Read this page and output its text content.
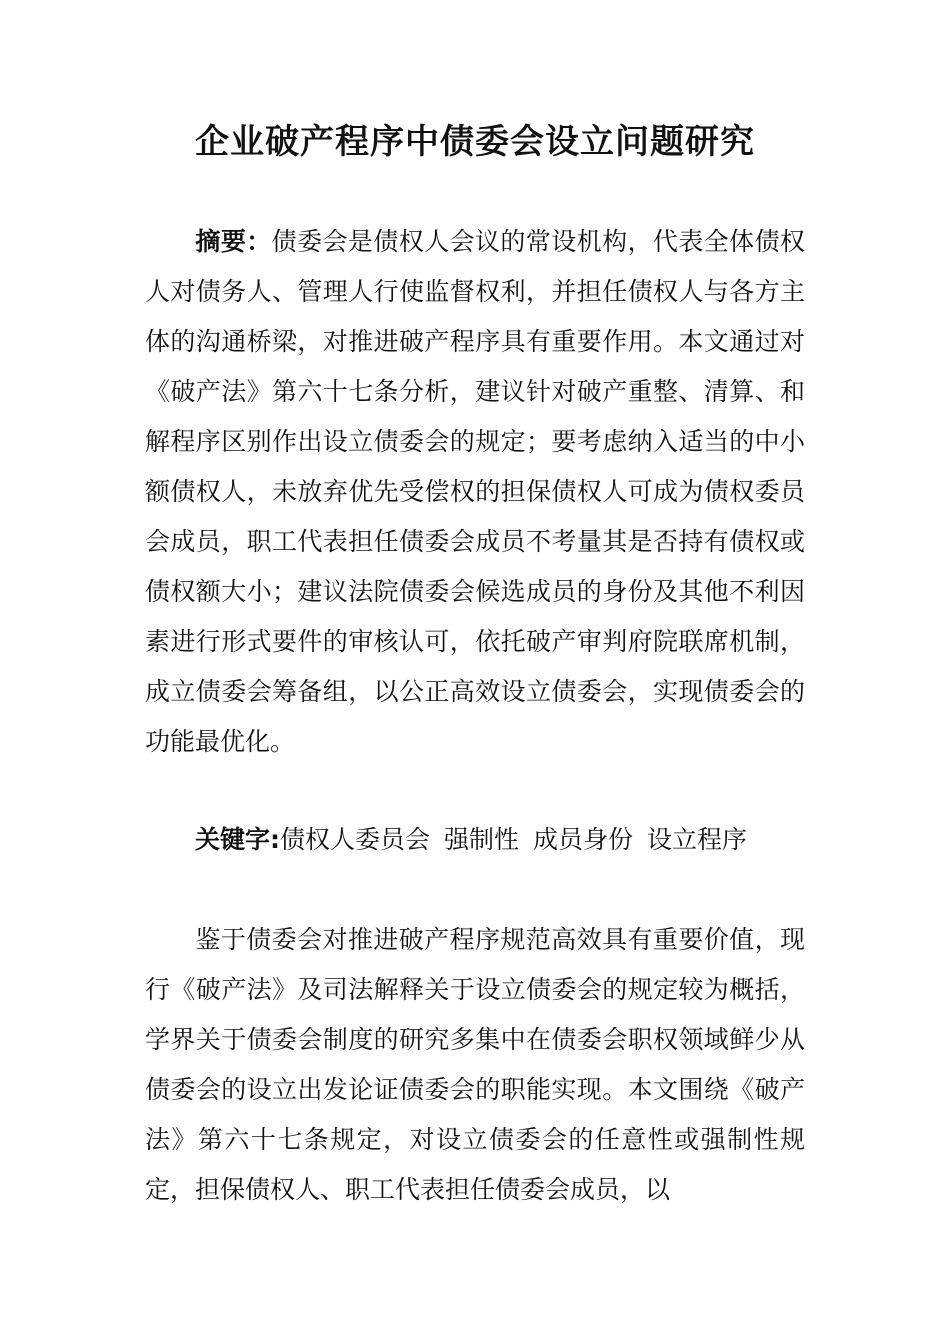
企业破产程序中债委会设立问题研究
摘要：债委会是债权人会议的常设机构，代表全体债权人对债务人、管理人行使监督权利，并担任债权人与各方主体的沟通桥梁，对推进破产程序具有重要作用。本文通过对《破产法》第六十七条分析，建议针对破产重整、清算、和解程序区别作出设立债委会的规定；要考虑纳入适当的中小额债权人，未放弃优先受偿权的担保债权人可成为债权委员会成员，职工代表担任债委会成员不考量其是否持有债权或债权额大小；建议法院债委会候选成员的身份及其他不利因素进行形式要件的审核认可，依托破产审判府院联席机制，成立债委会筹备组，以公正高效设立债委会，实现债委会的功能最优化。
关键字:债权人委员会 强制性 成员身份 设立程序
鉴于债委会对推进破产程序规范高效具有重要价值，现行《破产法》及司法解释关于设立债委会的规定较为概括，学界关于债委会制度的研究多集中在债委会职权领域鲜少从债委会的设立出发论证债委会的职能实现。本文围绕《破产法》第六十七条规定，对设立债委会的任意性或强制性规定，担保债权人、职工代表担任债委会成员，以
